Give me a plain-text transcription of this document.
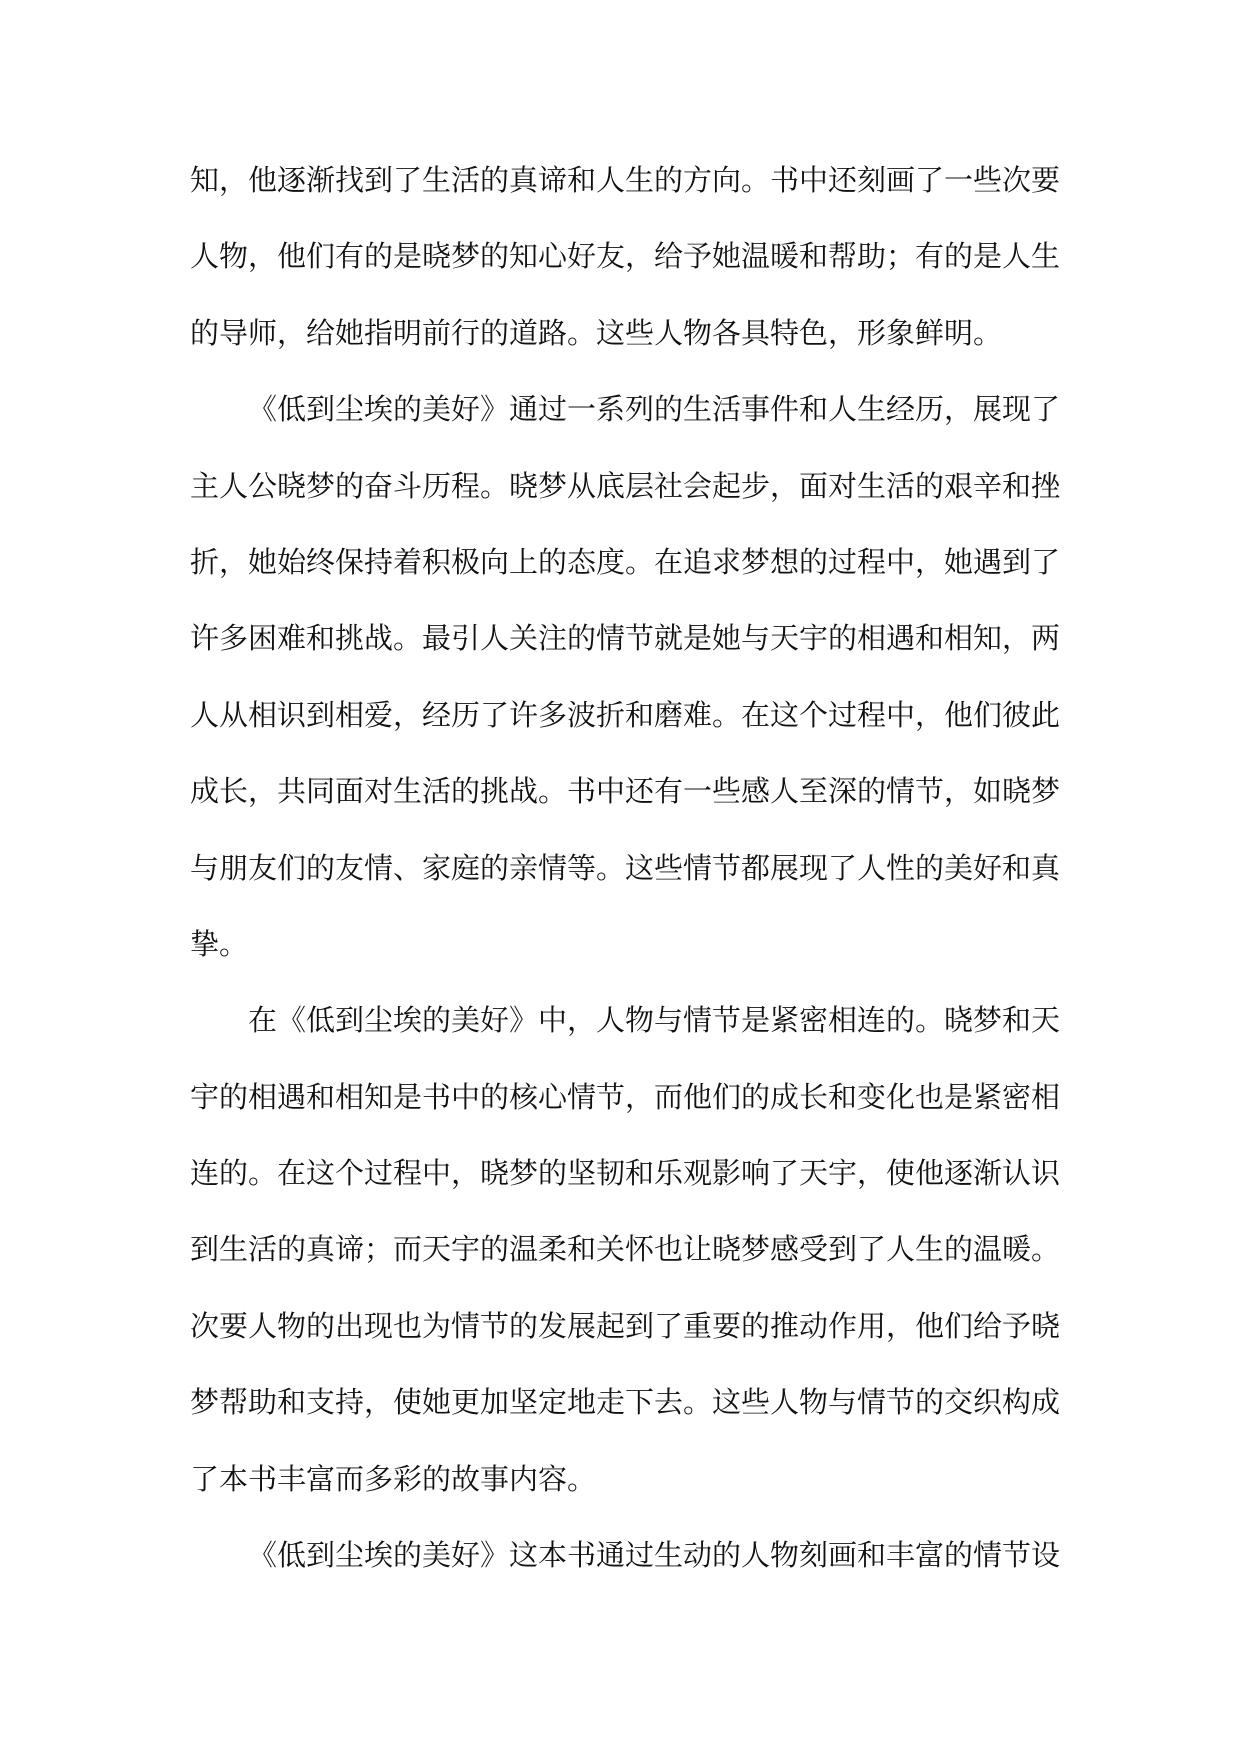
知，他逐渐找到了生活的真谛和人生的方向。书中还刻画了一些次要
人物，他们有的是晓梦的知心好友，给予她温暖和帮助；有的是人生
的导师，给她指明前行的道路。这些人物各具特色，形象鲜明。
《低到尘埃的美好》通过一系列的生活事件和人生经历，展现了
主人公晓梦的奋斗历程。晓梦从底层社会起步，面对生活的艰辛和挫
折，她始终保持着积极向上的态度。在追求梦想的过程中，她遇到了
许多困难和挑战。最引人关注的情节就是她与天宇的相遇和相知，两
人从相识到相爱，经历了许多波折和磨难。在这个过程中，他们彼此
成长，共同面对生活的挑战。书中还有一些感人至深的情节，如晓梦
与朋友们的友情、家庭的亲情等。这些情节都展现了人性的美好和真
挚。
在《低到尘埃的美好》中，人物与情节是紧密相连的。晓梦和天
宇的相遇和相知是书中的核心情节，而他们的成长和变化也是紧密相
连的。在这个过程中，晓梦的坚韧和乐观影响了天宇，使他逐渐认识
到生活的真谛；而天宇的温柔和关怀也让晓梦感受到了人生的温暖。
次要人物的出现也为情节的发展起到了重要的推动作用，他们给予晓
梦帮助和支持，使她更加坚定地走下去。这些人物与情节的交织构成
了本书丰富而多彩的故事内容。
《低到尘埃的美好》这本书通过生动的人物刻画和丰富的情节设
